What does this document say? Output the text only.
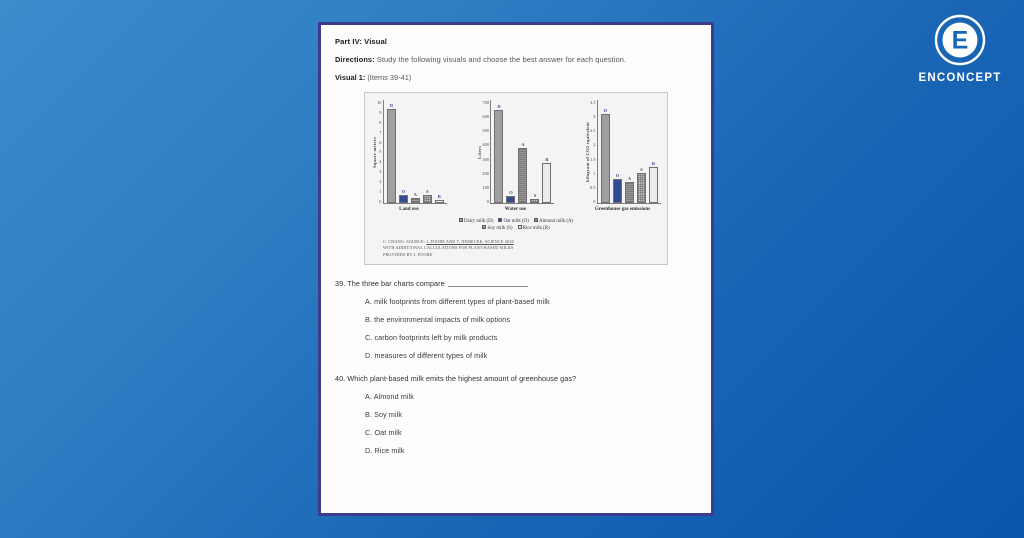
E
ENCONCEPT
Part IV: Visual
Directions: Study the following visuals and choose the best answer for each question.
Visual 1: (Items 39-41)
Square meters
10
9
8
7
6
5
4
3
2
1
0
D
O
A
S
R
Land use
Liters
700
600
500
400
300
200
100
0
D
O
A
S
R
Water use
kilogram of CO2 equivalent
3.5
3
2.5
2
1.5
1
0.5
0
D
O
A
S
R
Greenhouse gas emissions
Dairy milk (D) Oat milk (O) Almond milk (A)
Soy milk (S) Rice milk (R)
C. CHANG. SOURCE: J. POORE AND T. NEMECEK, SCIENCE 2018
WITH ADDITIONAL CALCULATIONS FOR PLANT-BASED MILKS
PROVIDED BY J. POORE
39. The three bar charts compare
A. milk footprints from different types of plant-based milk
B. the environmental impacts of milk options
C. carbon footprints left by milk products
D. measures of different types of milk
40. Which plant-based milk emits the highest amount of greenhouse gas?
A. Almond milk
B. Soy milk
C. Oat milk
D. Rice milk
